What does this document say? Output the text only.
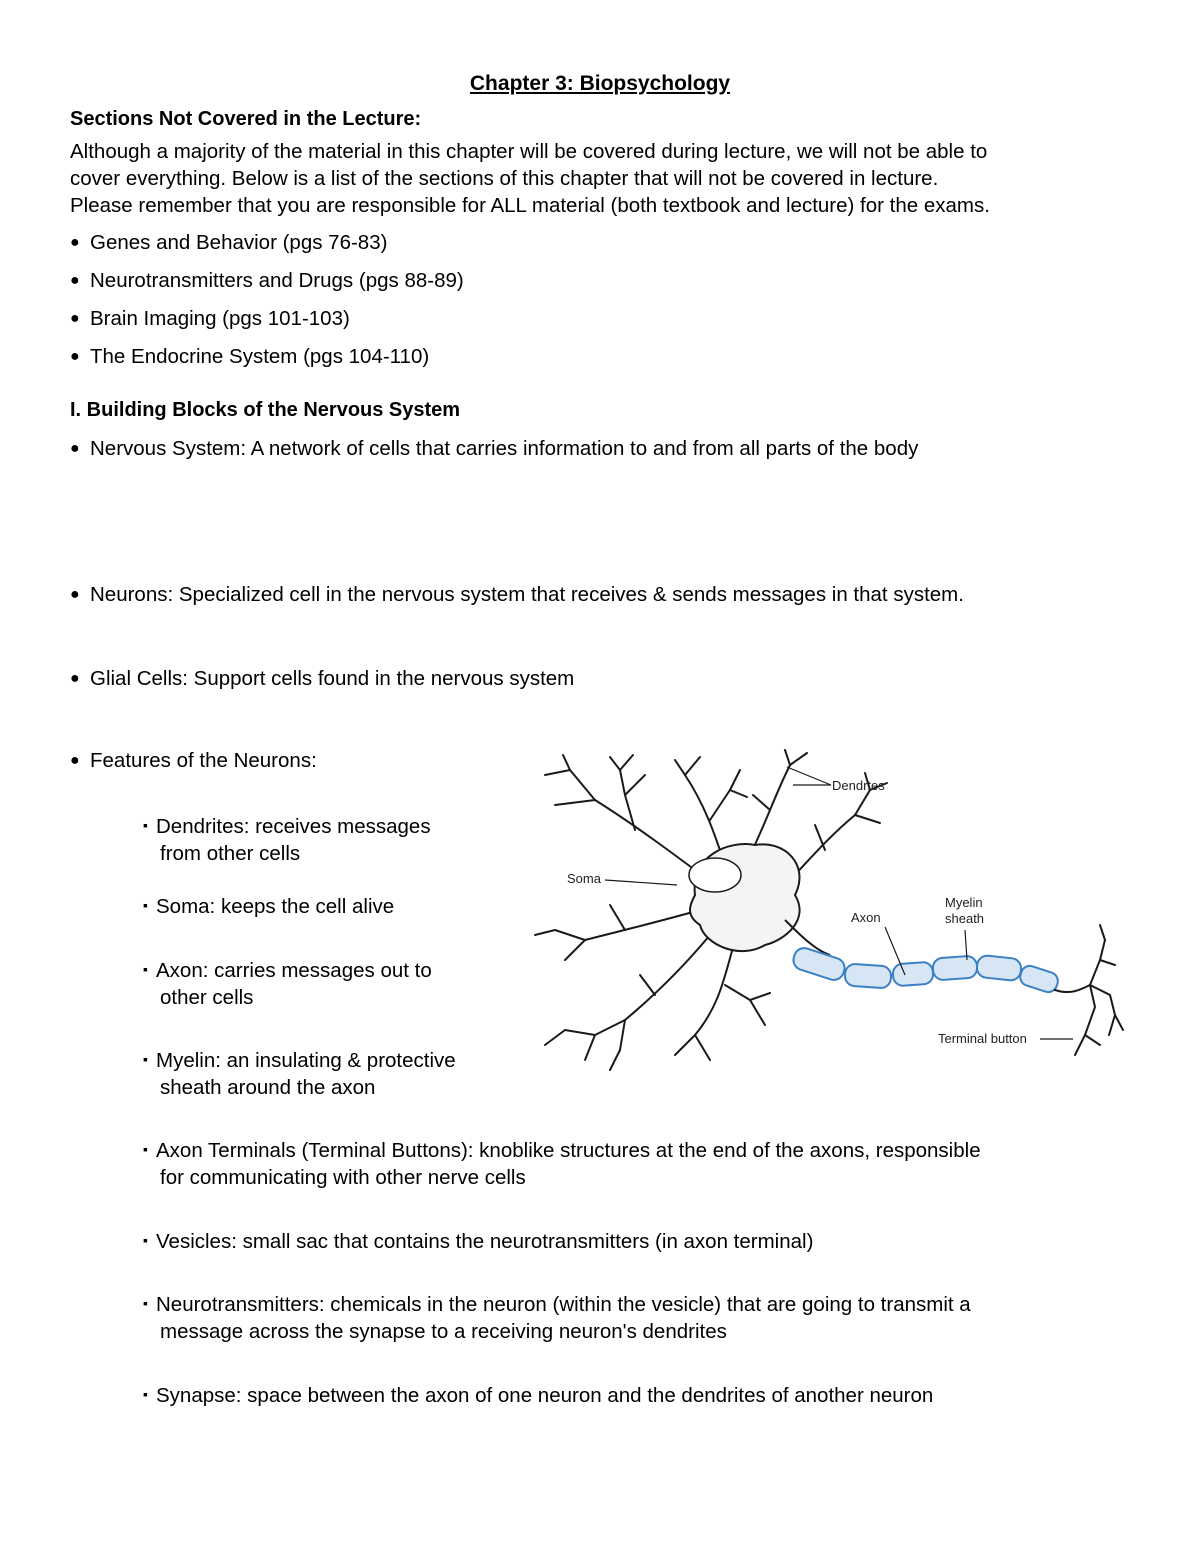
Chapter 3: Biopsychology
Sections Not Covered in the Lecture:
Although a majority of the material in this chapter will be covered during lecture, we will not be able to
cover everything. Below is a list of the sections of this chapter that will not be covered in lecture.
Please remember that you are responsible for ALL material (both textbook and lecture) for the exams.
● Genes and Behavior (pgs 76-83)
● Neurotransmitters and Drugs (pgs 88-89)
● Brain Imaging (pgs 101-103)
● The Endocrine System (pgs 104-110)
I. Building Blocks of the Nervous System
● Nervous System: A network of cells that carries information to and from all parts of the body
● Neurons: Specialized cell in the nervous system that receives & sends messages in that system.
● Glial Cells: Support cells found in the nervous system
● Features of the Neurons:
▪ Dendrites: receives messages
from other cells
▪ Soma: keeps the cell alive
▪ Axon: carries messages out to
other cells
▪ Myelin: an insulating & protective
sheath around the axon
▪ Axon Terminals (Terminal Buttons): knoblike structures at the end of the axons, responsible
for communicating with other nerve cells
▪ Vesicles: small sac that contains the neurotransmitters (in axon terminal)
▪ Neurotransmitters: chemicals in the neuron (within the vesicle) that are going to transmit a
message across the synapse to a receiving neuron's dendrites
▪ Synapse: space between the axon of one neuron and the dendrites of another neuron
Dendrtes
Soma
Axon
Myelin
sheath
Terminal button
